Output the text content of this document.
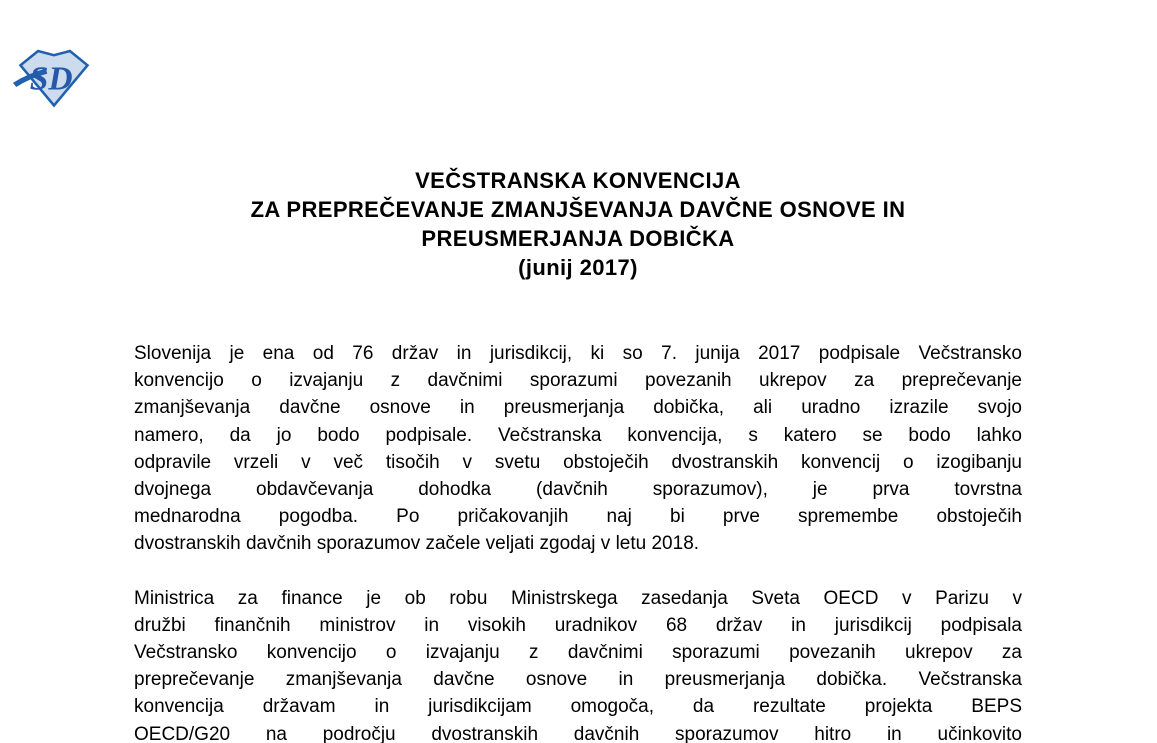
SD
VEČSTRANSKA KONVENCIJA
ZA PREPREČEVANJE ZMANJŠEVANJA DAVČNE OSNOVE IN
PREUSMERJANJA DOBIČKA
(junij 2017)
Slovenija je ena od 76 držav in jurisdikcij, ki so 7. junija 2017 podpisale Večstransko
konvencijo o izvajanju z davčnimi sporazumi povezanih ukrepov za preprečevanje
zmanjševanja davčne osnove in preusmerjanja dobička, ali uradno izrazile svojo
namero, da jo bodo podpisale. Večstranska konvencija, s katero se bodo lahko
odpravile vrzeli v več tisočih v svetu obstoječih dvostranskih konvencij o izogibanju
dvojnega obdavčevanja dohodka (davčnih sporazumov), je prva tovrstna
mednarodna pogodba. Po pričakovanjih naj bi prve spremembe obstoječih
dvostranskih davčnih sporazumov začele veljati zgodaj v letu 2018.
Ministrica za finance je ob robu Ministrskega zasedanja Sveta OECD v Parizu v
družbi finančnih ministrov in visokih uradnikov 68 držav in jurisdikcij podpisala
Večstransko konvencijo o izvajanju z davčnimi sporazumi povezanih ukrepov za
preprečevanje zmanjševanja davčne osnove in preusmerjanja dobička. Večstranska
konvencija državam in jurisdikcijam omogoča, da rezultate projekta BEPS
OECD/G20 na področju dvostranskih davčnih sporazumov hitro in učinkovito
